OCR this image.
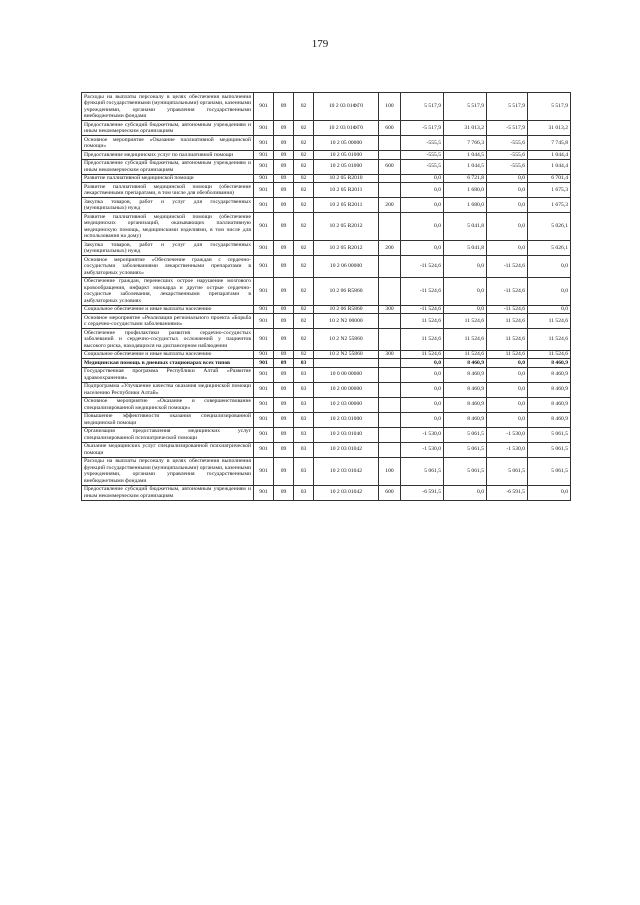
179
Расходы на выплаты персоналу в целях обеспечения выполнения функций государственными (муниципальными) органами, казенными учреждениями, органами управления государственными внебюджетными фондами	901	09	02	10 2 03 01ФГ0	100	5 517,9	5 517,9	5 517,9	5 517,9
Предоставление субсидий бюджетным, автономным учреждениям и иным некоммерческим организациям	901	09	02	10 2 03 01ФГ0	600	-5 517,9	31 013,2	-5 517,9	31 013,2
Основное мероприятие «Оказание паллиативной медицинской помощи»	901	09	02	10 2 05 00000		-555,5	7 766,3	-555,6	7 745,8
Предоставление медицинских услуг по паллиативной помощи	901	09	02	10 2 05 01000		-555,5	1 044,5	-555,6	1 044,4
Предоставление субсидий бюджетным, автономным учреждениям и иным некоммерческим организациям	901	09	02	10 2 05 01000	600	-555,5	1 044,5	-555,6	1 044,4
Развитие паллиативной медицинской помощи	901	09	02	10 2 05 R2010		0,0	6 721,8	0,0	6 701,4
Развитие паллиативной медицинской помощи (обеспечение лекарственными препаратами, в том числе для обезболивания)	901	09	02	10 2 05 R2011		0,0	1 680,0	0,0	1 675,3
Закупка товаров, работ и услуг для государственных (муниципальных) нужд	901	09	02	10 2 05 R2011	200	0,0	1 680,0	0,0	1 675,3
Развитие паллиативной медицинской помощи (обеспечение медицинских организаций, оказывающих паллиативную медицинскую помощь, медицинскими изделиями, в том числе для использования на дому)	901	09	02	10 2 05 R2012		0,0	5 041,8	0,0	5 026,1
Закупка товаров, работ и услуг для государственных (муниципальных) нужд	901	09	02	10 2 05 R2012	200	0,0	5 041,8	0,0	5 026,1
Основное мероприятие «Обеспечение граждан с сердечно-сосудистыми заболеваниями лекарственными препаратами в амбулаторных условиях»	901	09	02	10 2 06 00000		-11 524,6	0,0	-11 524,6	0,0
Обеспечение граждан, перенесших острое нарушение мозгового кровообращения, инфаркт миокарда и другие острые сердечно-сосудистые заболевания, лекарственными препаратами в амбулаторных условиях	901	09	02	10 2 06 R5860		-11 524,6	0,0	-11 524,6	0,0
Социальное обеспечение и иные выплаты населению	901	09	02	10 2 06 R5860	300	-11 524,6	0,0	-11 524,6	0,0
Основное мероприятие «Реализация регионального проекта «Борьба с сердечно-сосудистыми заболеваниями»	901	09	02	10 2 N2 00000		11 524,6	11 524,6	11 524,6	11 524,6
Обеспечение профилактики развития сердечно-сосудистых заболеваний и сердечно-сосудистых осложнений у пациентов высокого риска, находящихся на диспансерном наблюдении	901	09	02	10 2 N2 55860		11 524,6	11 524,6	11 524,6	11 524,6
Социальное обеспечение и иные выплаты населению	901	09	02	10 2 N2 55860	300	11 524,6	11 524,6	11 524,6	11 524,6
Медицинская помощь в дневных стационарах всех типов	901	09	03			0,0	8 460,9	0,0	8 460,9
Государственная программа Республики Алтай «Развитие здравоохранения»	901	09	03	10 0 00 00000		0,0	8 460,9	0,0	8 460,9
Подпрограмма «Улучшение качества оказания медицинской помощи населению Республики Алтай»	901	09	03	10 2 00 00000		0,0	8 460,9	0,0	8 460,9
Основное мероприятие «Оказание и совершенствование специализированной медицинской помощи»	901	09	03	10 2 03 00000		0,0	8 460,9	0,0	8 460,9
Повышение эффективности оказания специализированной медицинской помощи	901	09	03	10 2 03 01000		0,0	8 460,9	0,0	8 460,9
Организация предоставления медицинских услуг специализированной психиатрической помощи	901	09	03	10 2 03 01040		-1 530,0	5 061,5	-1 530,0	5 061,5
Оказание медицинских услуг специализированной психиатрической помощи	901	09	03	10 2 03 01042		-1 530,0	5 061,5	-1 530,0	5 061,5
Расходы на выплаты персоналу в целях обеспечения выполнения функций государственными (муниципальными) органами, казенными учреждениями, органами управления государственными внебюджетными фондами	901	09	03	10 2 03 01042	100	5 061,5	5 061,5	5 061,5	5 061,5
Предоставление субсидий бюджетным, автономным учреждениям и иным некоммерческим организациям	901	09	03	10 2 03 01042	600	-6 591,5	0,0	-6 591,5	0,0
